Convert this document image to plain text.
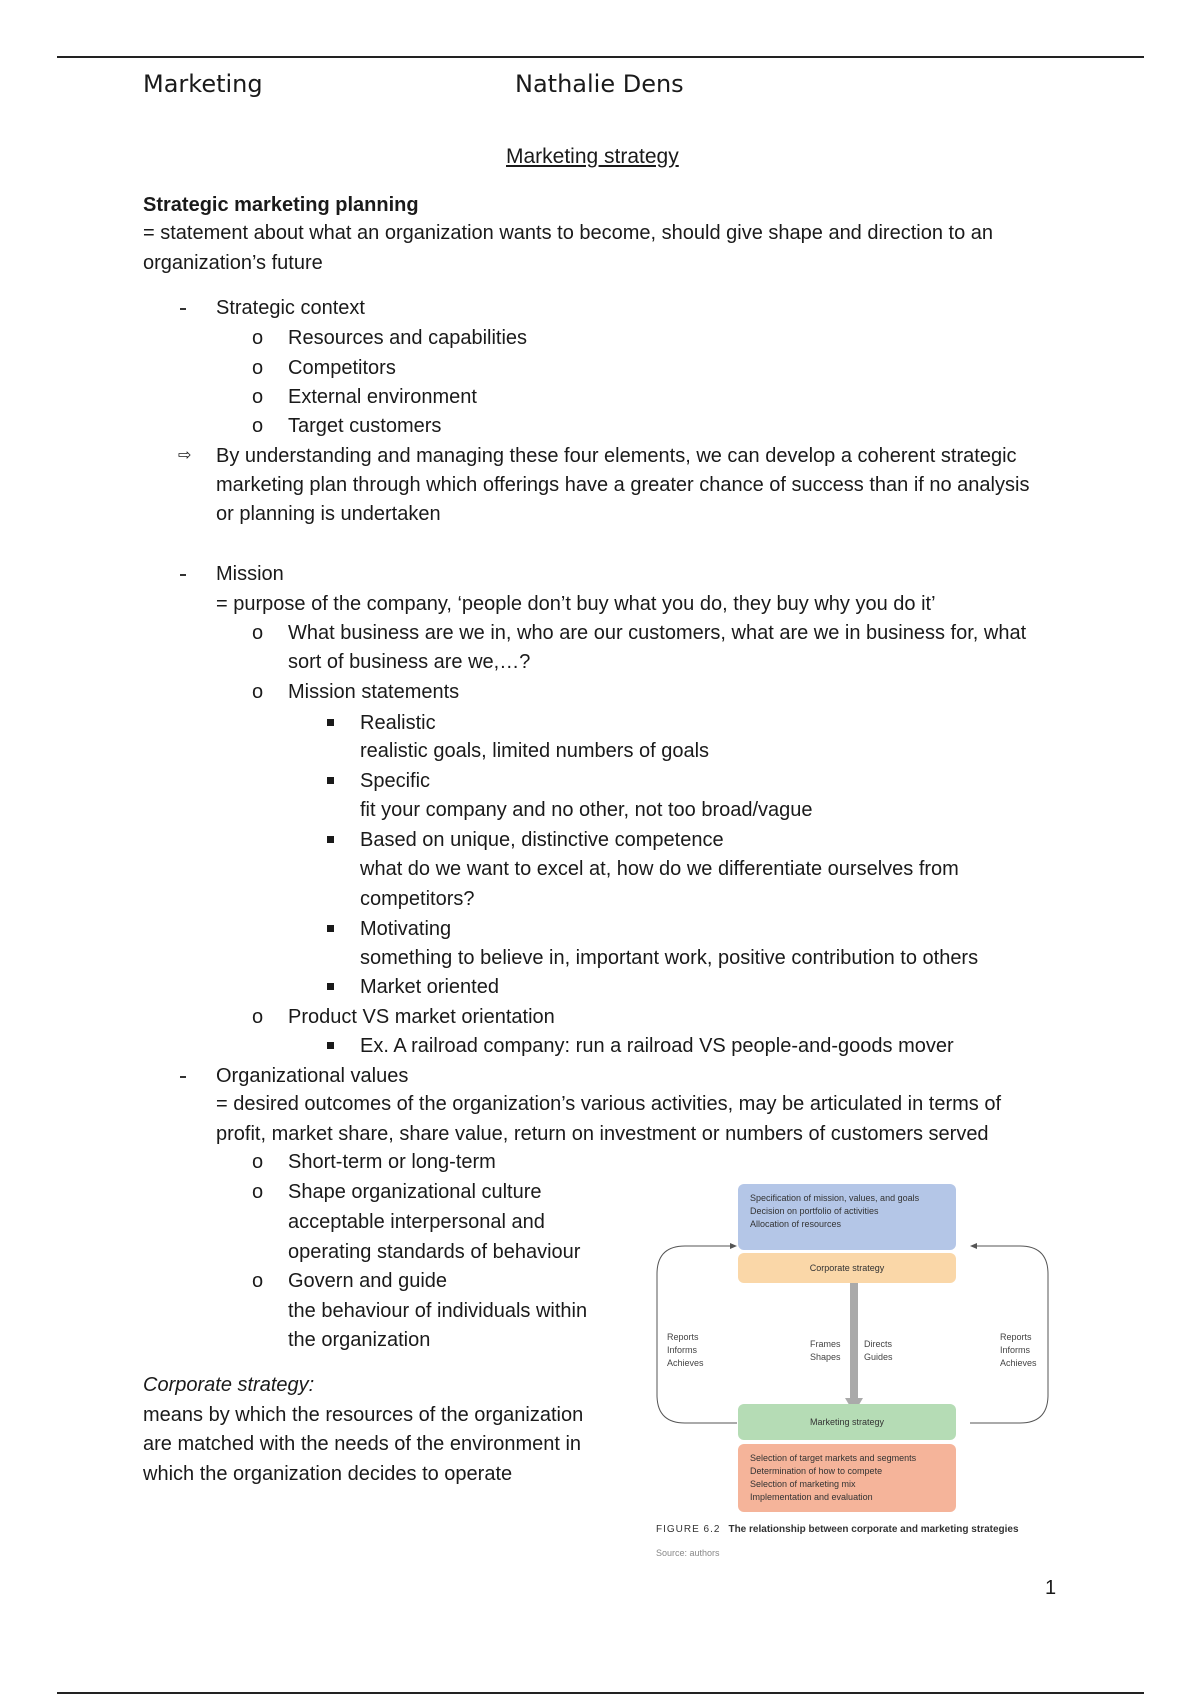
Marketing	Nathalie Dens
Marketing strategy
Strategic marketing planning
= statement about what an organization wants to become, should give shape and direction to an
organization’s future
Strategic context
o Resources and capabilities
o Competitors
o External environment
o Target customers
⇨ By understanding and managing these four elements, we can develop a coherent strategic
marketing plan through which offerings have a greater chance of success than if no analysis
or planning is undertaken
Mission
= purpose of the company, ‘people don’t buy what you do, they buy why you do it’
o What business are we in, who are our customers, what are we in business for, what
sort of business are we,…?
o Mission statements
Realistic
realistic goals, limited numbers of goals
Specific
fit your company and no other, not too broad/vague
Based on unique, distinctive competence
what do we want to excel at, how do we differentiate ourselves from
competitors?
Motivating
something to believe in, important work, positive contribution to others
Market oriented
o Product VS market orientation
Ex. A railroad company: run a railroad VS people-and-goods mover
Organizational values
= desired outcomes of the organization’s various activities, may be articulated in terms of
profit, market share, share value, return on investment or numbers of customers served
o Short-term or long-term
o Shape organizational culture
acceptable interpersonal and
operating standards of behaviour
o Govern and guide
the behaviour of individuals within
the organization
Corporate strategy:
means by which the resources of the organization
are matched with the needs of the environment in
which the organization decides to operate
Specification of mission, values, and goals
Decision on portfolio of activities
Allocation of resources
Corporate strategy
Reports
Informs
Achieves
Reports
Informs
Achieves
Frames
Shapes
Directs
Guides
Marketing strategy
Selection of target markets and segments
Determination of how to compete
Selection of marketing mix
Implementation and evaluation
FIGURE 6.2 The relationship between corporate and marketing strategies
Source: authors
1
